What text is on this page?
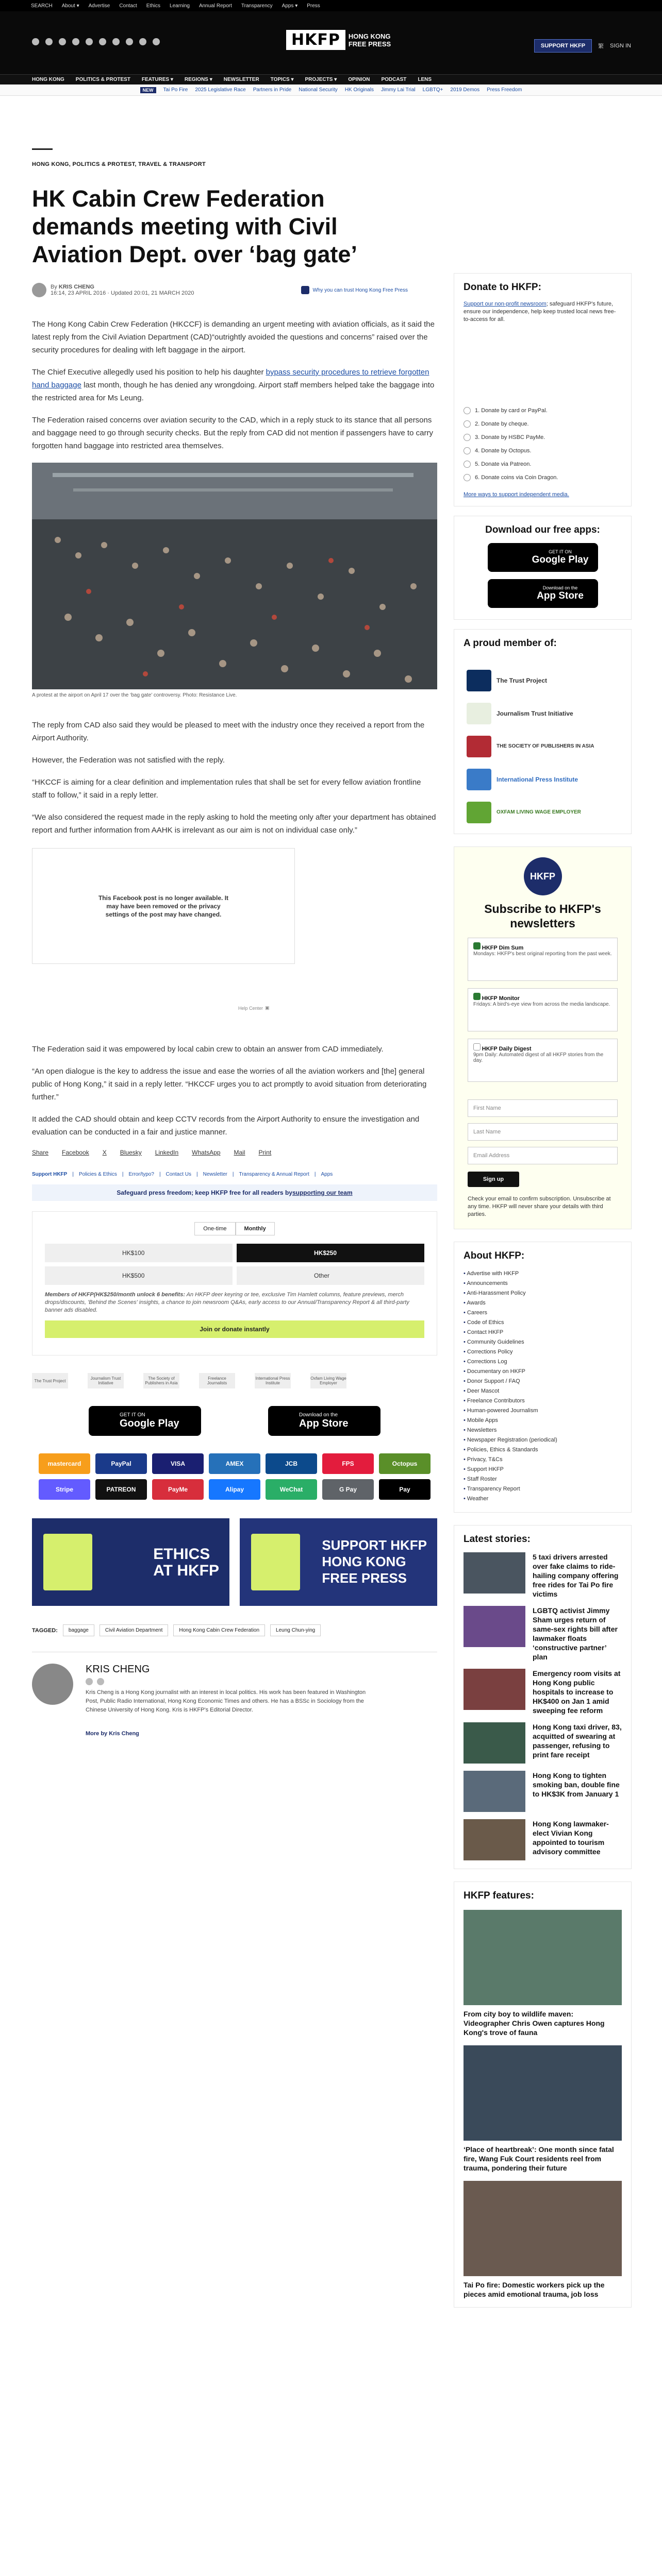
SEARCH About ▾ Advertise Contact Ethics Learning Annual Report Transparency Apps ▾ Press
HKFP	HONG KONG
FREE PRESS	SUPPORT HKFP	繁 SIGN IN
HONG KONG POLITICS & PROTEST FEATURES ▾ REGIONS ▾ NEWSLETTER TOPICS ▾ PROJECTS ▾ OPINION PODCAST LENS
NEW	Tai Po Fire 2025 Legislative Race Partners in Pride National Security HK Originals Jimmy Lai Trial LGBTQ+ 2019 Demos Press Freedom
HONG KONG, POLITICS & PROTEST, TRAVEL & TRANSPORT
HK Cabin Crew Federation demands meeting with Civil Aviation Dept. over ‘bag gate’
By KRIS CHENG
16:14, 23 APRIL 2016 · Updated 20:01, 21 MARCH 2020	Why you can trust Hong Kong Free Press

The Hong Kong Cabin Crew Federation (HKCCF) is demanding an urgent meeting with aviation officials, as it said the latest reply from the Civil Aviation Department (CAD)“outrightly avoided the questions and concerns” raised over the security procedures for dealing with left baggage in the airport.

The Chief Executive allegedly used his position to help his daughter bypass security procedures to retrieve forgotten hand baggage last month, though he has denied any wrongdoing. Airport staff members helped take the baggage into the restricted area for Ms Leung.

The Federation raised concerns over aviation security to the CAD, which in a reply stuck to its stance that all persons and baggage need to go through security checks. But the reply from CAD did not mention if passengers have to carry forgotten hand baggage into restricted area themselves.

A protest at the airport on April 17 over the ‘bag gate’ controversy. Photo: Resistance Live.

The reply from CAD also said they would be pleased to meet with the industry once they received a report from the Airport Authority.

However, the Federation was not satisfied with the reply.

“HKCCF is aiming for a clear definition and implementation rules that shall be set for every fellow aviation frontline staff to follow,” it said in a reply letter.

“We also considered the request made in the reply asking to hold the meeting only after your department has obtained report and further information from AAHK is irrelevant as our aim is not on individual case only.”

This Facebook post is no longer available. It may have been removed or the privacy settings of the post may have changed.
Help Center ▣

The Federation said it was empowered by local cabin crew to obtain an answer from CAD immediately.

“An open dialogue is the key to address the issue and ease the worries of all the aviation workers and [the] general public of Hong Kong,” it said in a reply letter. “HKCCF urges you to act promptly to avoid situation from deteriorating further.”

It added the CAD should obtain and keep CCTV records from the Airport Authority to ensure the investigation and evaluation can be conducted in a fair and justice manner.

Share Facebook X Bluesky LinkedIn WhatsApp Mail Print
Support HKFP | Policies & Ethics | Error/typo? | Contact Us | Newsletter | Transparency & Annual Report | Apps
Safeguard press freedom; keep HKFP free for all readers by supporting our team
One-time	Monthly
HK$100	HK$250
HK$500	Other
Members of HKFP(HK$250/month unlock 6 benefits: An HKFP deer keyring or tee, exclusive Tim Hamlett columns, feature previews, merch drops/discounts, 'Behind the Scenes' insights, a chance to join newsroom Q&As, early access to our Annual/Transparency Report & all third-party banner ads disabled.
Join or donate instantly
The Trust Project	Journalism Trust Initiative
The Society of Publishers in Asia
Freelance Journalists
International Press Institute
Oxfam Living Wage Employer
GET IT ON
Google Play
Download on the
App Store
mastercard	PayPal	VISA	AMEX	JCB	FPS	Octopus
Stripe	PATREON	PayMe	Alipay	WeChat	G Pay	Pay
ETHICS
AT HKFP
SUPPORT HKFP
HONG KONG
FREE PRESS
TAGGED:	baggage	Civil Aviation Department	Hong Kong Cabin Crew Federation	Leung Chun-ying
KRIS CHENG
Kris Cheng is a Hong Kong journalist with an interest in local politics. His work has been featured in Washington Post, Public Radio International, Hong Kong Economic Times and others. He has a BSSc in Sociology from the Chinese University of Hong Kong. Kris is HKFP's Editorial Director.
More by Kris Cheng
Donate to HKFP:

Support our non-profit newsroom; safeguard HKFP's future, ensure our independence, help keep trusted local news free-to-access for all.

1. Donate by card or PayPal.
2. Donate by cheque.
3. Donate by HSBC PayMe.
4. Donate by Octopus.
5. Donate via Patreon.
6. Donate coins via Coin Dragon.
More ways to support independent media.
Download our free apps:
GET IT ON
Google Play
Download on the
App Store
A proud member of:
The Trust Project
Journalism Trust Initiative
THE SOCIETY OF PUBLISHERS IN ASIA
International Press Institute
OXFAM LIVING WAGE EMPLOYER
HKFP
Subscribe to HKFP's newsletters
HKFP Dim Sum
Mondays: HKFP's best original reporting from the past week.
HKFP Monitor
Fridays: A bird's-eye view from across the media landscape.
HKFP Daily Digest
9pm Daily: Automated digest of all HKFP stories from the day.
First Name
Last Name
Email Address
Sign up

Check your email to confirm subscription. Unsubscribe at any time. HKFP will never share your details with third parties.

About HKFP:
• Advertise with HKFP
• Announcements
• Anti-Harassment Policy
• Awards
• Careers
• Code of Ethics
• Contact HKFP
• Community Guidelines
• Corrections Policy
• Corrections Log
• Documentary on HKFP
• Donor Support / FAQ
• Deer Mascot
• Freelance Contributors
• Human-powered Journalism
• Mobile Apps
• Newsletters
• Newspaper Registration (periodical)
• Policies, Ethics & Standards
• Privacy, T&Cs
• Support HKFP
• Staff Roster
• Transparency Report
• Weather
Latest stories:
5 taxi drivers arrested over fake claims to ride-hailing company offering free rides for Tai Po fire victims
LGBTQ activist Jimmy Sham urges return of same-sex rights bill after lawmaker floats ‘constructive partner’ plan
Emergency room visits at Hong Kong public hospitals to increase to HK$400 on Jan 1 amid sweeping fee reform
Hong Kong taxi driver, 83, acquitted of swearing at passenger, refusing to print fare receipt
Hong Kong to tighten smoking ban, double fine to HK$3K from January 1
Hong Kong lawmaker-elect Vivian Kong appointed to tourism advisory committee
HKFP features:
From city boy to wildlife maven: Videographer Chris Owen captures Hong Kong's trove of fauna
‘Place of heartbreak’: One month since fatal fire, Wang Fuk Court residents reel from trauma, pondering their future
Tai Po fire: Domestic workers pick up the pieces amid emotional trauma, job loss
